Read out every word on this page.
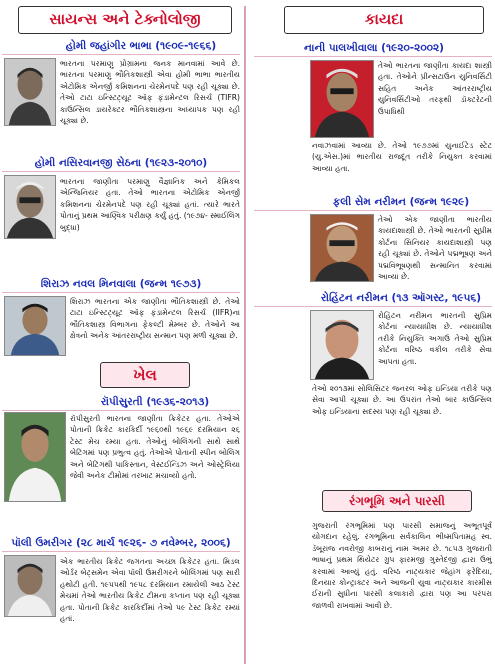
સાયન્સ અને ટેક્નોલોજી
હોમી જહાંગીર ભાભા (૧૯૦૯-૧૯૬૬)
ભારતના પરમાણુ પ્રોગ્રામના જનક માનવામાં આવે છે. ભારતના પરમાણુ ભૌતિકશાસ્ત્રી એવા હોમી ભાભા ભારતીય એટોમિક એનર્જી કમિશનના ચેરમેનપદે પણ રહી ચૂક્યા છે. તેઓ ટાટા ઇન્સ્ટિટ્યૂટ ઑફ ફંડામેન્ટલ રિસર્ચ (TIFR) કાઉન્સિલ ડાયરેક્ટર ભૌતિકશાસ્ત્રના અધ્યાપક પણ રહી ચૂક્યા છે.
હોમી નસિરવાનજી સેઠના (૧૯૨૩-૨૦૧૦)
ભારતના જાણીતા પરમાણુ વૈજ્ઞાનિક અને કેમિકલ એન્જિનિયર હતા. તેઓ ભારતના એટોમિક એનર્જી કમિશનના ચેરમેનપદે પણ રહી ચૂક્યાં હતાં. ત્યારે ભારતે પોતાનું પ્રથમ આણ્વિક પરીક્ષણ કર્યું હતું. (૧૯૭૪- સ્માઈલિંગ બુદ્ધા)
શિરાઝ નવલ મિનવાલા (જન્મ ૧૯૭૩)
શિરાઝ ભારતના એક જાણીતા ભૌતિકશાસ્ત્રી છે. તેઓ ટાટા ઇન્સ્ટિટ્યૂટ ઑફ ફંડામેન્ટલ રિસર્ચ (IIFR)ના ભૌતિકશાસ્ત્ર વિભાગના ફેકલ્ટી મેમ્બર છે. તેઓને આ ક્ષેત્રનો અનેક આંતરરાષ્ટ્રીય સન્માન પણ મળી ચૂક્યા છે.
ખેલ
રૉપીસુરતી (૧૯૩૬-૨૦૧૩)
રૉપીસુરતી ભારતના જાણીતા ક્રિકેટર હતા. તેઓએ પોતાની ક્રિકેટ કારકિર્દી ૧૯૬૦થી ૧૯૬૯ દરમિયાન ૨૬ ટેસ્ટ મેચ રમ્યા હતા. તેઓનું બોલિંગની સાથે સાથે બેટિંગમાં પણ પ્રભુત્વ હતું. તેઓએ પોતાની સ્પીન બોલિંગ અને બેટિંગથી પાકિસ્તાન, વેસ્ટઈન્ડિઝ અને ઓસ્ટ્રેલિયા જેવી અનેક ટીમોમાં તરખાટ મચાવ્યો હતો.
પૉલી ઉમરીગર (૨૮ માર્ચ ૧૯૨૬- ૭ નવેમ્બર, ૨૦૦૬)
એક ભારતીય ક્રિકેટ જગતના અચ્છા ક્રિકેટર હતા. મિડલ ઓર્ડર બેટ્સમેન એવા પૉલી ઉમરીગરને બોલિંગમાં પણ સારી હથોટી હતી. ૧૯૫૫થી ૧૯૫૮ દરમિયાન રમાયેલી આઠ ટેસ્ટ મેચમાં તેઓ ભારતીય ક્રિકેટ ટીમના કપ્તાન પણ રહી ચૂક્યા હતા. પોતાની ક્રિકેટ કારકિર્દીમાં તેઓ ૫૯ ટેસ્ટ ક્રિકેટ રમ્યાં હતાં.
કાયદા
નાની પાલખીવાલા (૧૯૨૦-૨૦૦૨)
તેઓ ભારતના જાણીતા કાયદા શાસ્ત્રી હતા. તેઓને પ્રીન્સટાઉન યુનિવર્સિટી સહિત અનેક આંતરરાષ્ટ્રીય યુનિવર્સિટીઓ તરફથી ડૉક્ટરેટની ઉપાધિથી
નવાઝવામાં આવ્યા છે. તેઓ ૧૯૭૭માં યુનાઈટેડ સ્ટેટ (યુ.એસ.)માં ભારતીય રાજદૂત તરીકે નિયુક્ત કરવામાં આવ્યા હતા.
ફલી સેમ નરીમન (જન્મ ૧૯૨૯)
તેઓ એક જાણીતા ભારતીય કાયદાશાસ્ત્રી છે. તેઓ ભારતની સુપ્રીમ કોર્ટના સિનિયર કાયદાશાસ્ત્રી પણ રહી ચૂક્યાં છે. તેઓને પદ્મભૂષણ અને પદ્મવિભૂષણથી સન્માનિત કરવામાં આવ્યા છે.
રોહિંટન નરીમન (૧૩ ઑગસ્ટ, ૧૯૫૬)
રોહિંટન નરીમન ભારતની સુપ્રિમ કોર્ટના ન્યાયાધીશ છે. ન્યાયાધીશ તરીકે નિયુક્તિ અગાઉ તેઓ સુપ્રિમ કોર્ટના વરિષ્ઠ વકીલ તરીકે સેવા આપતા હતા.
તેઓ ૨૦૧૩માં સોલિસિટર જનરલ ઓફ ઇન્ડિયા તરીકે પણ સેવા આપી ચૂક્યા છે. આ ઉપરાંત તેઓ બાર કાઉન્સિલ ઓફ ઇન્ડિયાના સદસ્ય પણ રહી ચૂક્યા છે.
રંગભૂમિ અને પારસી
ગુજરાતી રંગભૂમિમાં પણ પારસી સમાજનું અભૂતપૂર્વ યોગદાન રહેલું. રંગભૂમિના સર્વકાલિન ભીષ્મપિતામહ સ્વ. ડૅબૂરાજ નવરોજી કાબરાનું નામ અમર છે. ૧૮૫૩ ગુજરાતી ભાષાનું પ્રથમ થિયેટર ગ્રુપ ફારમજી ગુસ્તેદજી દ્વારા ઉભું કરવામાં આવ્યું હતું. વરિષ્ઠ નાટ્યકાર જેહાંગ ફરેદિયા, દિનયાર કોન્ટ્રાક્ટર અને આજની યુવા નાટ્યકાર કારમીસ ઈરાની સુધીના પારસી કલાકારો દ્વારા પણ આ પરંપરા જાળવી રાખવામાં આવી છે.
